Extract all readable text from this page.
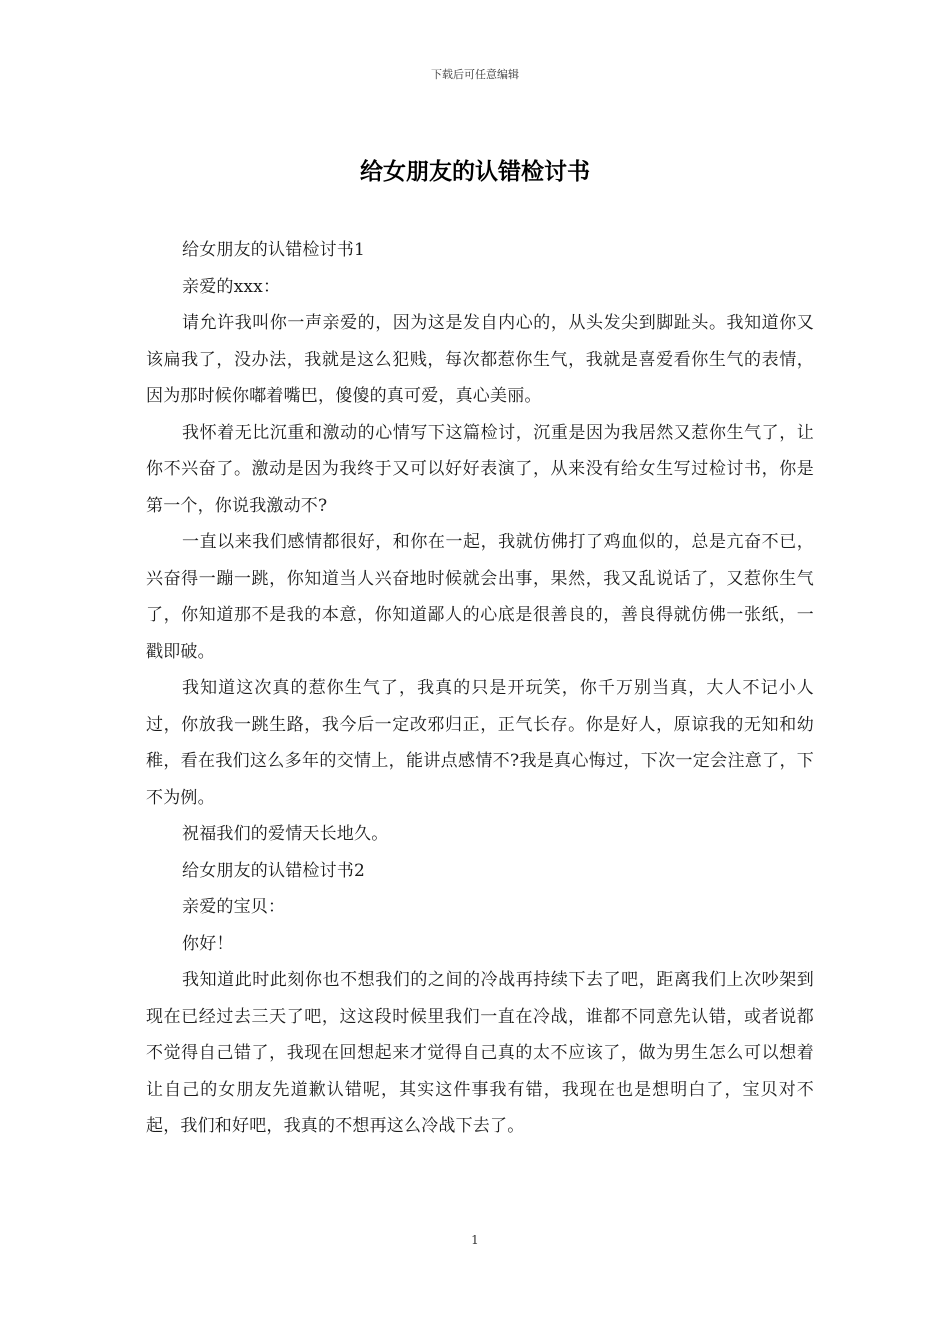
下载后可任意编辑
给女朋友的认错检讨书

给女朋友的认错检讨书1

亲爱的xxx：

请允许我叫你一声亲爱的，因为这是发自内心的，从头发尖到脚趾头。我知道你又该扁我了，没办法，我就是这么犯贱，每次都惹你生气，我就是喜爱看你生气的表情，因为那时候你嘟着嘴巴，傻傻的真可爱，真心美丽。

我怀着无比沉重和激动的心情写下这篇检讨，沉重是因为我居然又惹你生气了，让你不兴奋了。激动是因为我终于又可以好好表演了，从来没有给女生写过检讨书，你是第一个，你说我激动不?

一直以来我们感情都很好，和你在一起，我就仿佛打了鸡血似的，总是亢奋不已，兴奋得一蹦一跳，你知道当人兴奋地时候就会出事，果然，我又乱说话了，又惹你生气了，你知道那不是我的本意，你知道鄙人的心底是很善良的，善良得就仿佛一张纸，一戳即破。

我知道这次真的惹你生气了，我真的只是开玩笑，你千万别当真，大人不记小人过，你放我一跳生路，我今后一定改邪归正，正气长存。你是好人，原谅我的无知和幼稚，看在我们这么多年的交情上，能讲点感情不?我是真心悔过，下次一定会注意了，下不为例。

祝福我们的爱情天长地久。

给女朋友的认错检讨书2

亲爱的宝贝：

你好！

我知道此时此刻你也不想我们的之间的冷战再持续下去了吧，距离我们上次吵架到现在已经过去三天了吧，这这段时候里我们一直在冷战，谁都不同意先认错，或者说都不觉得自己错了，我现在回想起来才觉得自己真的太不应该了，做为男生怎么可以想着让自己的女朋友先道歉认错呢，其实这件事我有错，我现在也是想明白了，宝贝对不起，我们和好吧，我真的不想再这么冷战下去了。

1
